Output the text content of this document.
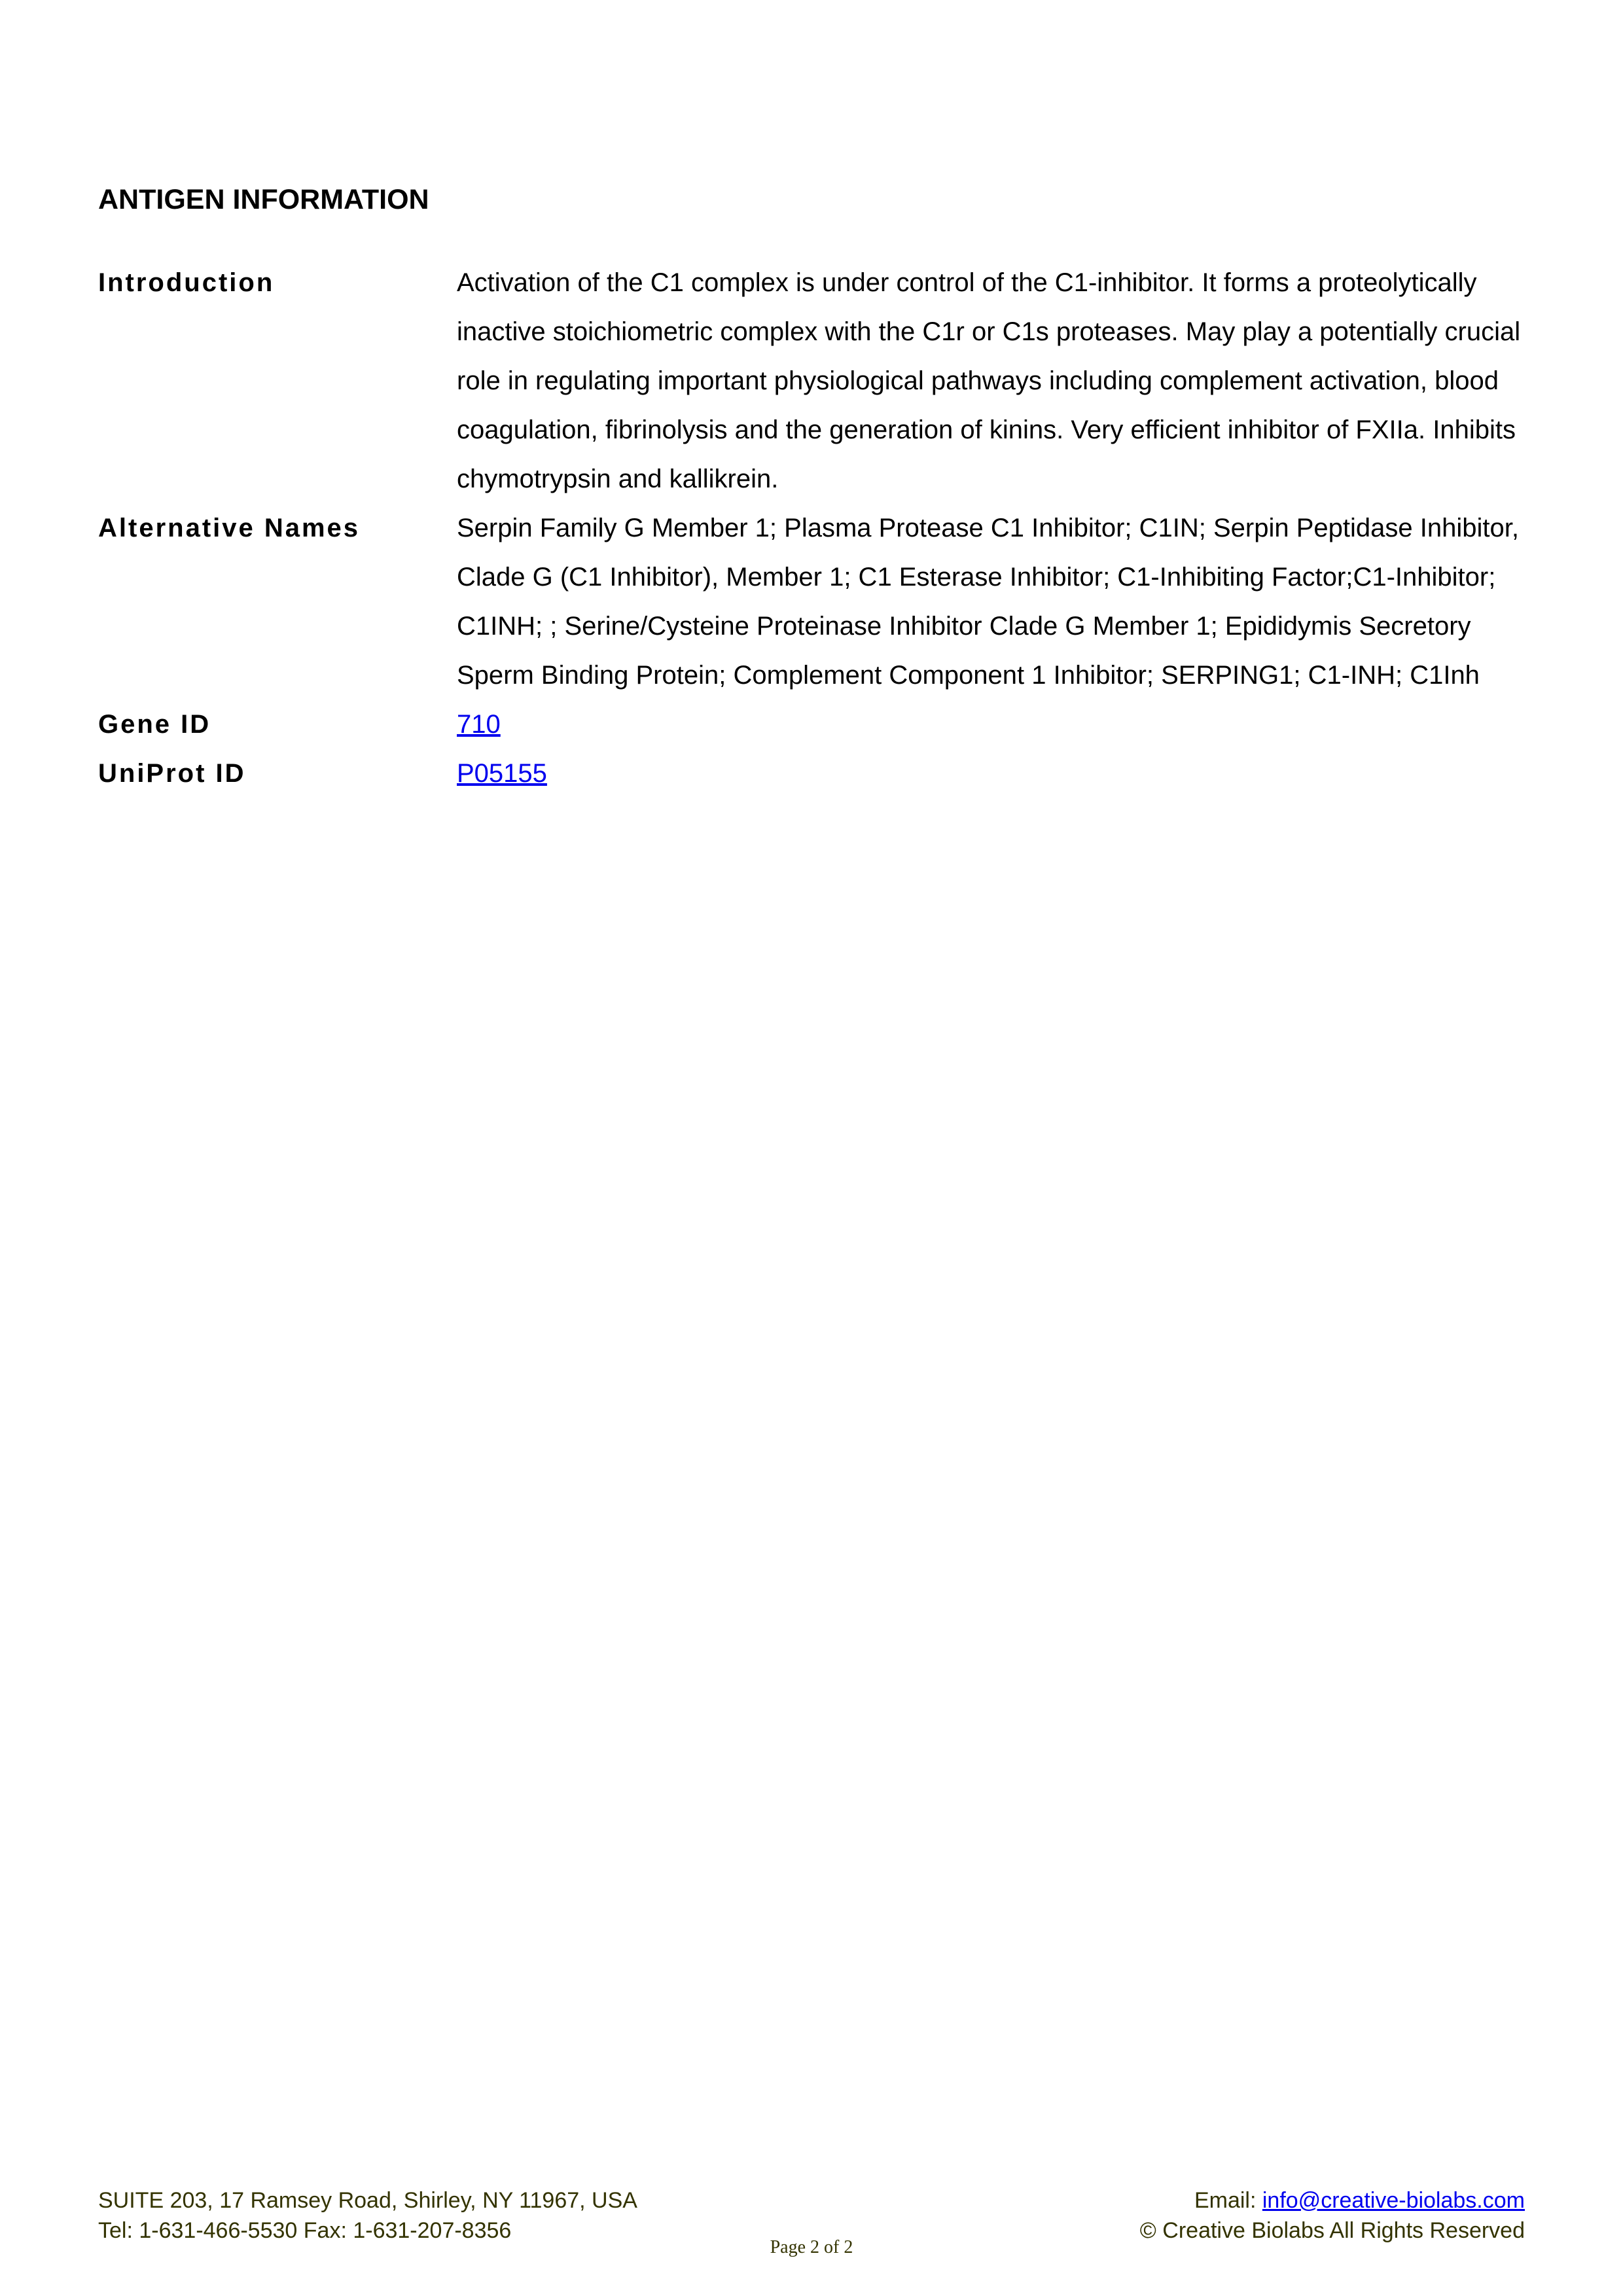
ANTIGEN INFORMATION
Introduction	Activation of the C1 complex is under control of the C1-inhibitor. It forms a proteolytically inactive stoichiometric complex with the C1r or C1s proteases. May play a potentially crucial role in regulating important physiological pathways including complement activation, blood coagulation, fibrinolysis and the generation of kinins. Very efficient inhibitor of FXIIa. Inhibits chymotrypsin and kallikrein.
Alternative Names	Serpin Family G Member 1; Plasma Protease C1 Inhibitor; C1IN; Serpin Peptidase Inhibitor, Clade G (C1 Inhibitor), Member 1; C1 Esterase Inhibitor; C1-Inhibiting Factor;C1-Inhibitor; C1INH; ; Serine/Cysteine Proteinase Inhibitor Clade G Member 1; Epididymis Secretory Sperm Binding Protein; Complement Component 1 Inhibitor; SERPING1; C1-INH; C1Inh
Gene ID	710
UniProt ID	P05155
SUITE 203, 17 Ramsey Road, Shirley, NY 11967, USA
Tel: 1-631-466-5530 Fax: 1-631-207-8356
Email: info@creative-biolabs.com
© Creative Biolabs All Rights Reserved
Page 2 of 2
